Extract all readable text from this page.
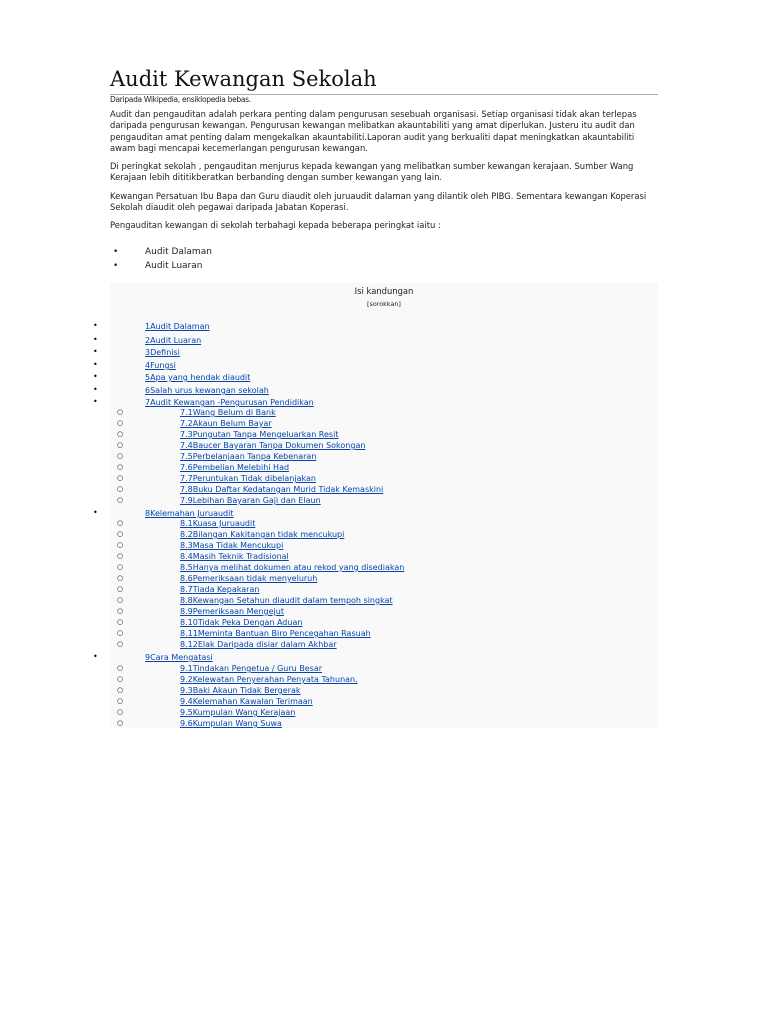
Audit Kewangan Sekolah
Daripada Wikipedia, ensiklopedia bebas.

Audit dan pengauditan adalah perkara penting dalam pengurusan sesebuah organisasi. Setiap organisasi tidak akan terlepas daripada pengurusan kewangan. Pengurusan kewangan melibatkan akauntabiliti yang amat diperlukan. Justeru itu audit dan pengauditan amat penting dalam mengekalkan akauntabiliti.Laporan audit yang berkualiti dapat meningkatkan akauntabiliti awam bagi mencapai kecemerlangan pengurusan kewangan.

Di peringkat sekolah , pengauditan menjurus kepada kewangan yang melibatkan sumber kewangan kerajaan. Sumber Wang Kerajaan lebih dititikberatkan berbanding dengan sumber kewangan yang lain.

Kewangan Persatuan Ibu Bapa dan Guru diaudit oleh juruaudit dalaman yang dilantik oleh PIBG. Sementara kewangan Koperasi Sekolah diaudit oleh pegawai daripada Jabatan Koperasi.

Pengauditan kewangan di sekolah terbahagi kepada beberapa peringkat iaitu :

• Audit Dalaman
• Audit Luaran
Isi kandungan
[sorokkan]
•	1Audit Dalaman
•	2Audit Luaran
•	3Definisi
•	4Fungsi
•	5Apa yang hendak diaudit
•	6Salah urus kewangan sekolah
•	7Audit Kewangan -Pengurusan Pendidikan
○	7.1Wang Belum di Bank
○	7.2Akaun Belum Bayar
○	7.3Pungutan Tanpa Mengeluarkan Resit
○	7.4Baucer Bayaran Tanpa Dokumen Sokongan
○	7.5Perbelanjaan Tanpa Kebenaran
○	7.6Pembelian Melebihi Had
○	7.7Peruntukan Tidak dibelanjakan
○	7.8Buku Daftar Kedatangan Murid Tidak Kemaskini
○	7.9Lebihan Bayaran Gaji dan Elaun
•	8Kelemahan Juruaudit
○	8.1Kuasa Juruaudit
○	8.2Bilangan Kakitangan tidak mencukupi
○	8.3Masa Tidak Mencukupi
○	8.4Masih Teknik Tradisional
○	8.5Hanya melihat dokumen atau rekod yang disediakan
○	8.6Pemeriksaan tidak menyeluruh
○	8.7Tiada Kepakaran
○	8.8Kewangan Setahun diaudit dalam tempoh singkat
○	8.9Pemeriksaan Mengejut
○	8.10Tidak Peka Dengan Aduan
○	8.11Meminta Bantuan Biro Pencegahan Rasuah
○	8.12Elak Daripada disiar dalam Akhbar
•	9Cara Mengatasi
○	9.1Tindakan Pengetua / Guru Besar
○	9.2Kelewatan Penyerahan Penyata Tahunan.
○	9.3Baki Akaun Tidak Bergerak
○	9.4Kelemahan Kawalan Terimaan
○	9.5Kumpulan Wang Kerajaan
○	9.6Kumpulan Wang Suwa
